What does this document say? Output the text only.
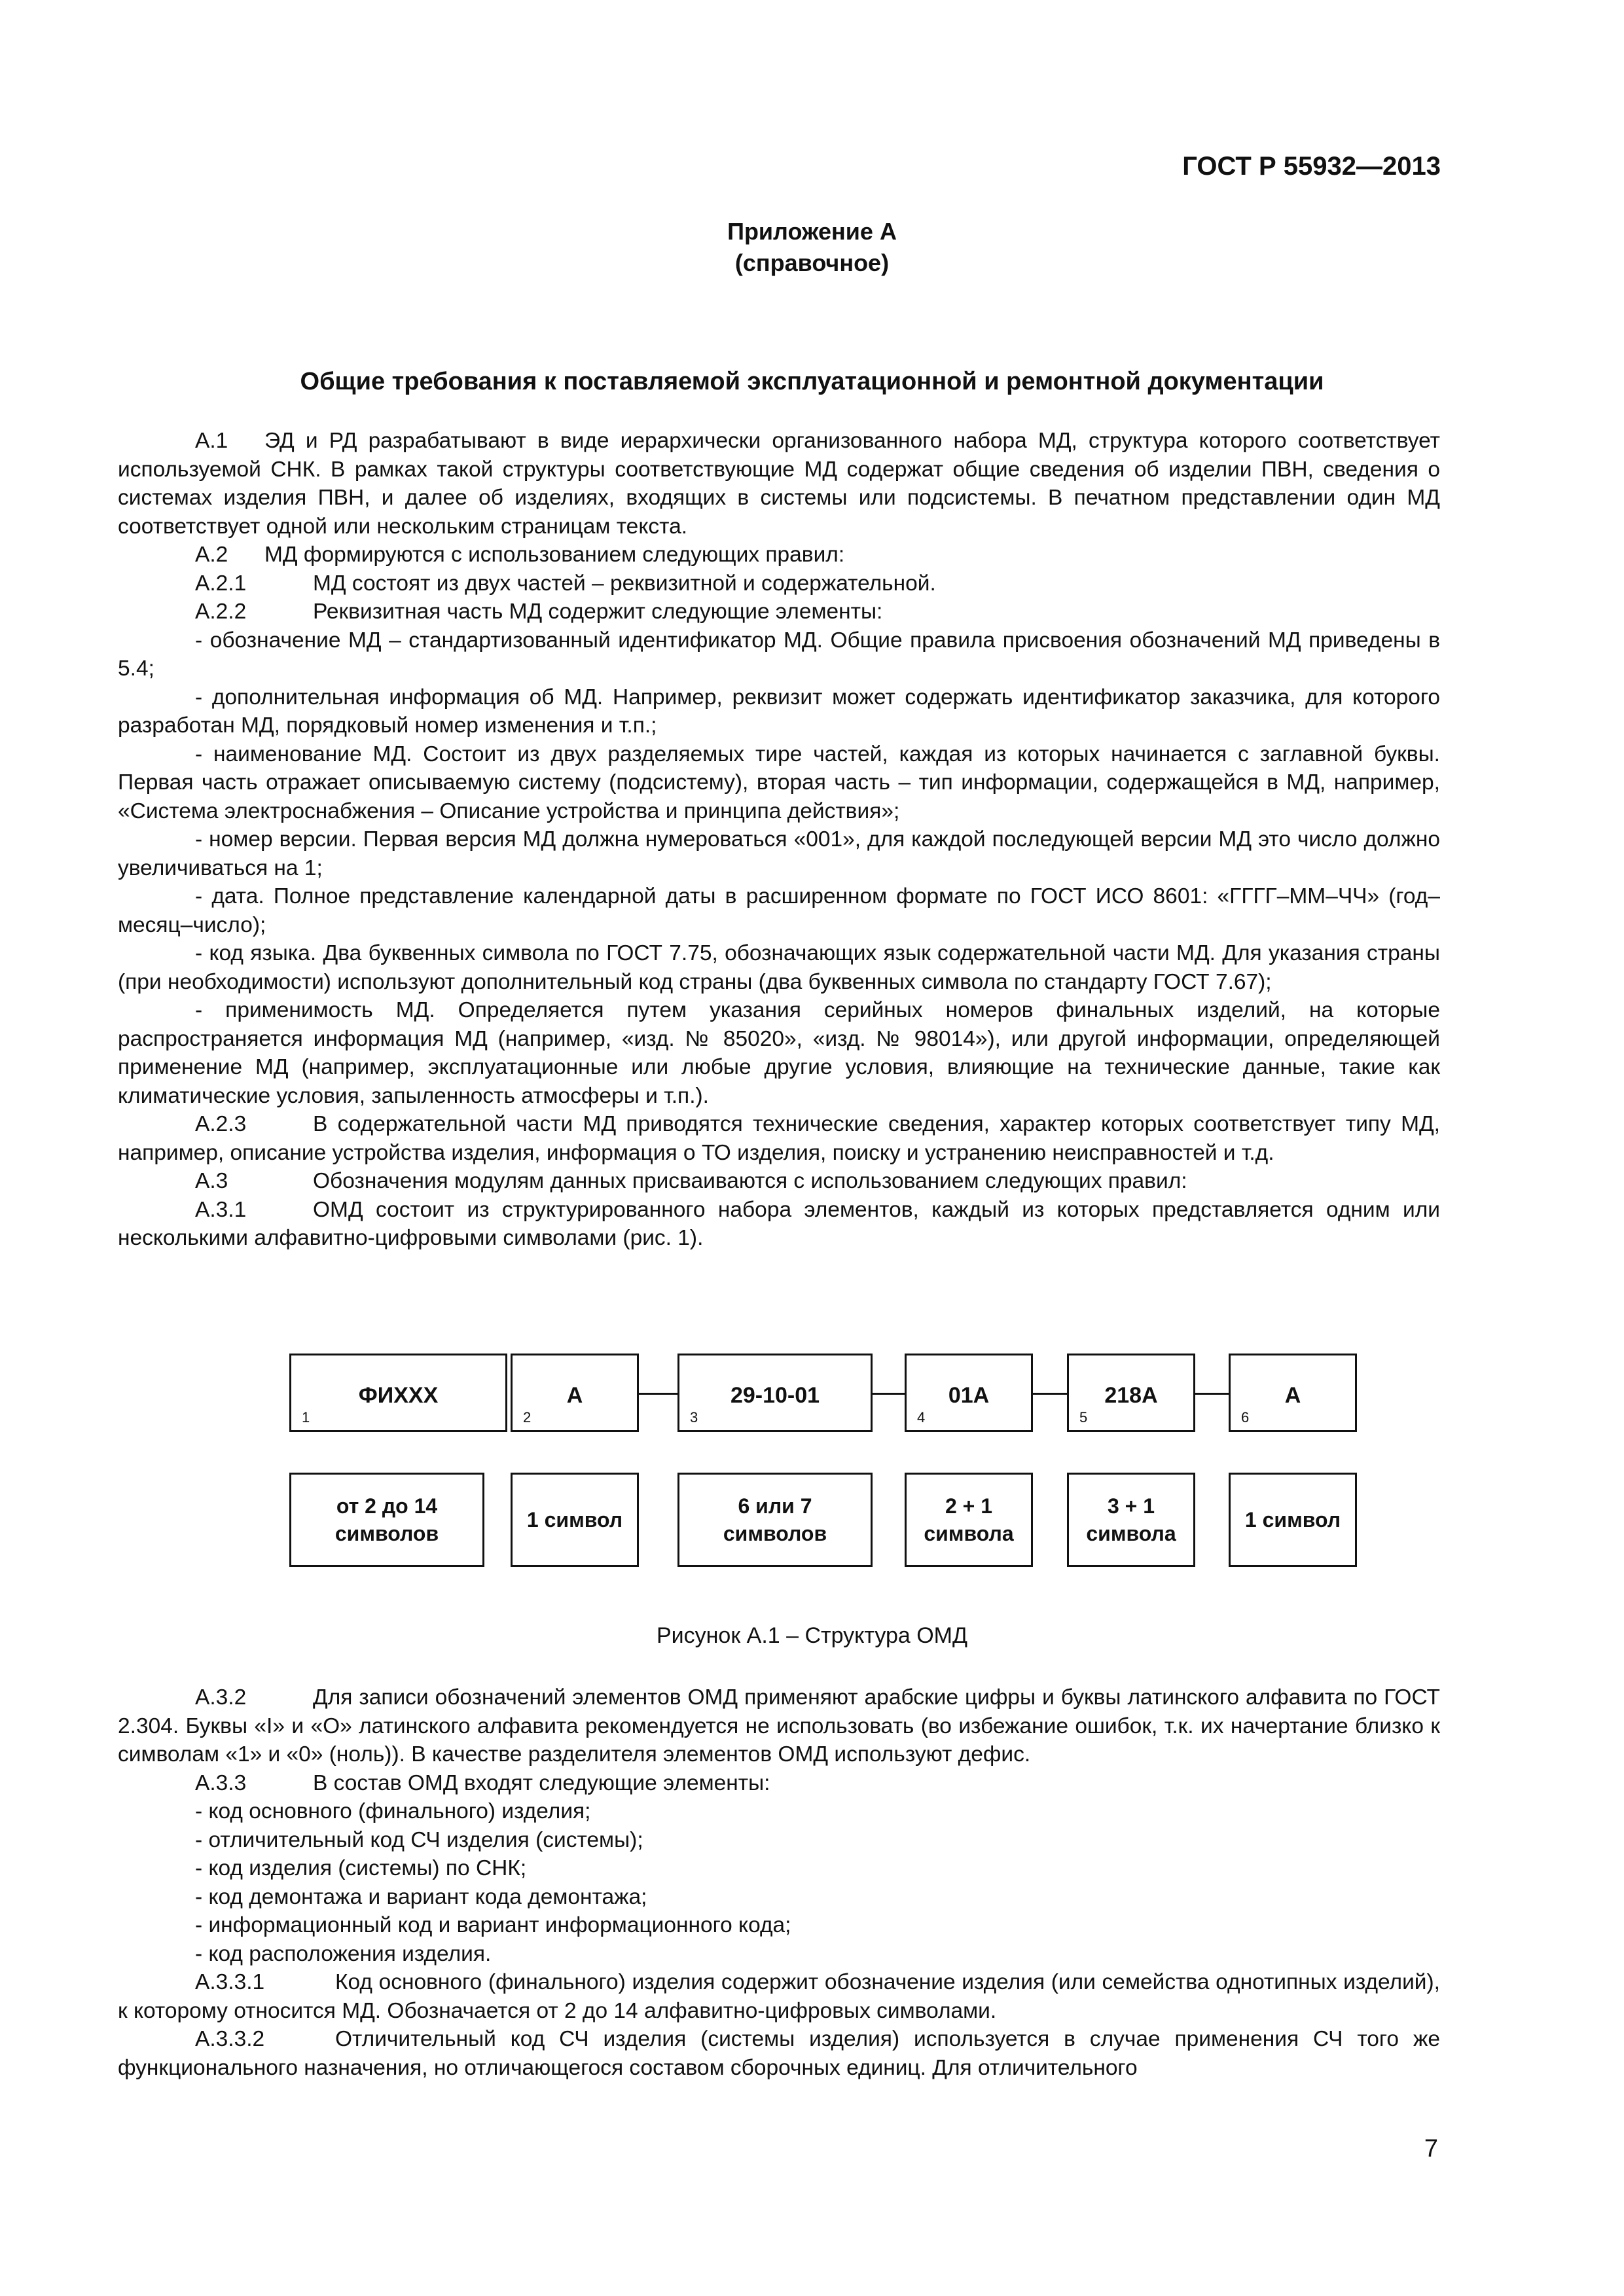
ГОСТ Р 55932—2013
Приложение А
(справочное)
Общие требования к поставляемой эксплуатационной и ремонтной документации

А.1 ЭД и РД разрабатывают в виде иерархически организованного набора МД, структура которого соответствует используемой СНК. В рамках такой структуры соответствующие МД содержат общие сведения об изделии ПВН, сведения о системах изделия ПВН, и далее об изделиях, входящих в системы или подсистемы. В печатном представлении один МД соответствует одной или нескольким страницам текста.

А.2 МД формируются с использованием следующих правил:

А.2.1	МД состоят из двух частей – реквизитной и содержательной.

А.2.2	Реквизитная часть МД содержит следующие элементы:

- обозначение МД – стандартизованный идентификатор МД. Общие правила присвоения обозначений МД приведены в 5.4;

- дополнительная информация об МД. Например, реквизит может содержать идентификатор заказчика, для которого разработан МД, порядковый номер изменения и т.п.;

- наименование МД. Состоит из двух разделяемых тире частей, каждая из которых начинается с заглавной буквы. Первая часть отражает описываемую систему (подсистему), вторая часть – тип информации, содержащейся в МД, например, «Система электроснабжения – Описание устройства и принципа действия»;

- номер версии. Первая версия МД должна нумероваться «001», для каждой последующей версии МД это число должно увеличиваться на 1;

- дата. Полное представление календарной даты в расширенном формате по ГОСТ ИСО 8601: «ГГГГ–ММ–ЧЧ» (год–месяц–число);

- код языка. Два буквенных символа по ГОСТ 7.75, обозначающих язык содержательной части МД. Для указания страны (при необходимости) используют дополнительный код страны (два буквенных символа по стандарту ГОСТ 7.67);

- применимость МД. Определяется путем указания серийных номеров финальных изделий, на которые распространяется информация МД (например, «изд. № 85020», «изд. № 98014»), или другой информации, определяющей применение МД (например, эксплуатационные или любые другие условия, влияющие на технические данные, такие как климатические условия, запыленность атмосферы и т.п.).

А.2.3	В содержательной части МД приводятся технические сведения, характер которых соответствует типу МД, например, описание устройства изделия, информация о ТО изделия, поиску и устранению неисправностей и т.д.

А.3	Обозначения модулям данных присваиваются с использованием следующих правил:

А.3.1	ОМД состоит из структурированного набора элементов, каждый из которых представляется одним или несколькими алфавитно-цифровыми символами (рис. 1).

ФИХХХ
1
А
2
29-10-01
3
01А
4
218А
5
А
6
от 2 до 14 символов
1 символ
6 или 7 символов
2 + 1 символа
3 + 1 символа
1 символ
Рисунок А.1 – Структура ОМД

А.3.2	Для записи обозначений элементов ОМД применяют арабские цифры и буквы латинского алфавита по ГОСТ 2.304. Буквы «I» и «O» латинского алфавита рекомендуется не использовать (во избежание ошибок, т.к. их начертание близко к символам «1» и «0» (ноль)). В качестве разделителя элементов ОМД используют дефис.

А.3.3	В состав ОМД входят следующие элементы:

- код основного (финального) изделия;

- отличительный код СЧ изделия (системы);

- код изделия (системы) по СНК;

- код демонтажа и вариант кода демонтажа;

- информационный код и вариант информационного кода;

- код расположения изделия.

А.3.3.1	Код основного (финального) изделия содержит обозначение изделия (или семейства однотипных изделий), к которому относится МД. Обозначается от 2 до 14 алфавитно-цифровых символами.

А.3.3.2	Отличительный код СЧ изделия (системы изделия) используется в случае применения СЧ того же функционального назначения, но отличающегося составом сборочных единиц. Для отличительного

7
